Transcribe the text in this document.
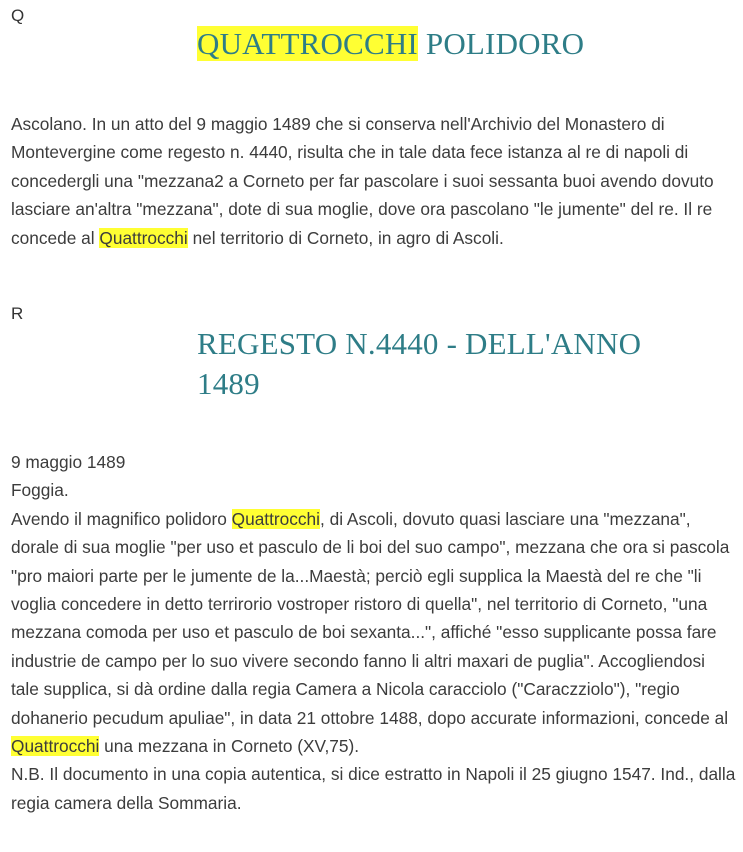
Q
QUATTROCCHI POLIDORO

Ascolano. In un atto del 9 maggio 1489 che si conserva nell'Archivio del Monastero di Montevergine come regesto n. 4440, risulta che in tale data fece istanza al re di napoli di concedergli una "mezzana2 a Corneto per far pascolare i suoi sessanta buoi avendo dovuto lasciare an'altra "mezzana", dote di sua moglie, dove ora pascolano "le jumente" del re. Il re concede al Quattrocchi nel territorio di Corneto, in agro di Ascoli.

R
REGESTO N.4440 - DELL'ANNO
1489

9 maggio 1489
Foggia.
Avendo il magnifico polidoro Quattrocchi, di Ascoli, dovuto quasi lasciare una "mezzana", dorale di sua moglie "per uso et pasculo de li boi del suo campo", mezzana che ora si pascola "pro maiori parte per le jumente de la...Maestà; perciò egli supplica la Maestà del re che "li voglia concedere in detto terrirorio vostroper ristoro di quella", nel territorio di Corneto, "una mezzana comoda per uso et pasculo de boi sexanta...", affiché "esso supplicante possa fare industrie de campo per lo suo vivere secondo fanno li altri maxari de puglia". Accogliendosi tale supplica, si dà ordine dalla regia Camera a Nicola caracciolo ("Caraczziolo"), "regio dohanerio pecudum apuliae", in data 21 ottobre 1488, dopo accurate informazioni, concede al Quattrocchi una mezzana in Corneto (XV,75).
N.B. Il documento in una copia autentica, si dice estratto in Napoli il 25 giugno 1547. Ind., dalla regia camera della Sommaria.
